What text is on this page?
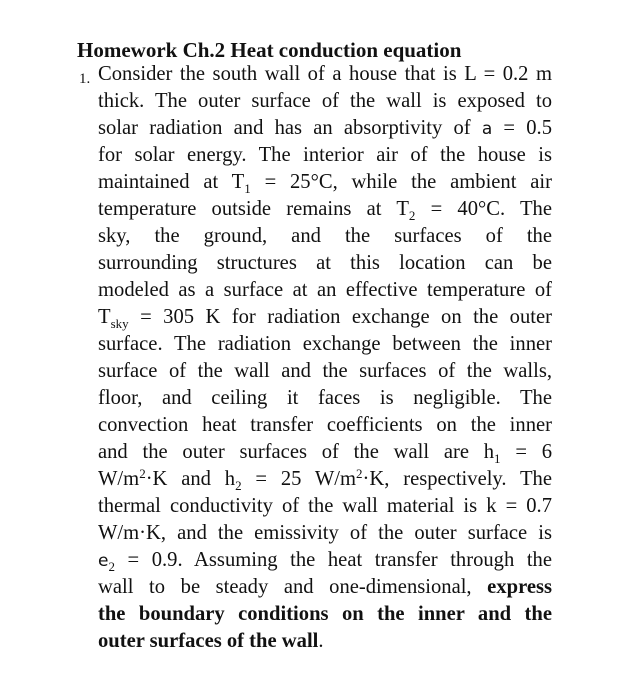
Homework Ch.2 Heat conduction equation
1. Consider the south wall of a house that is L = 0.2 m
thick. The outer surface of the wall is exposed to
solar radiation and has an absorptivity of a = 0.5
for solar energy. The interior air of the house is
maintained at $T_1 = 25^\circ C$, while the ambient air
temperature outside remains at $T_2 = 40^\circ C$. The
sky, the ground, and the surfaces of the
surrounding structures at this location can be
modeled as a surface at an effective temperature of
$T_{sky} = 305$ K for radiation exchange on the outer
surface. The radiation exchange between the inner
surface of the wall and the surfaces of the walls,
floor, and ceiling it faces is negligible. The
convection heat transfer coefficients on the inner
and the outer surfaces of the wall are $h_1 = 6$
$W/m^2\cdot K$ and $h_2 = 25$ $W/m^2\cdot K$, respectively. The
thermal conductivity of the wall material is k = 0.7
W/m·K, and the emissivity of the outer surface is
$e_2 = 0.9$. Assuming the heat transfer through the
wall to be steady and one-dimensional, express
the boundary conditions on the inner and the
outer surfaces of the wall.
